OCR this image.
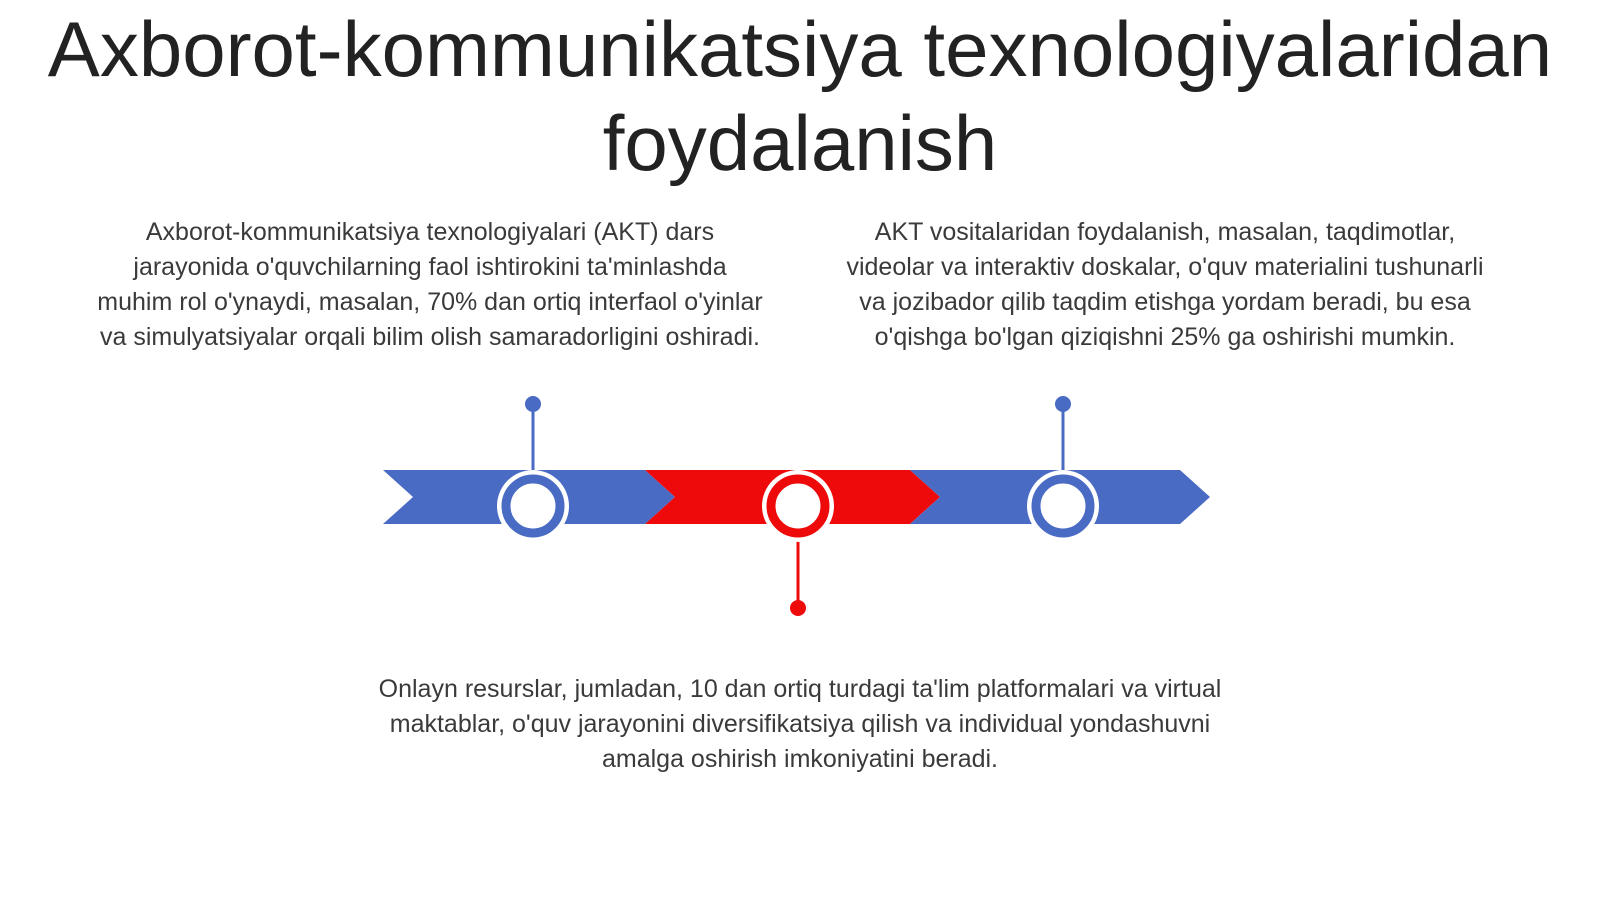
Axborot-kommunikatsiya texnologiyalaridan foydalanish
Axborot-kommunikatsiya texnologiyalari (AKT) dars jarayonida o'quvchilarning faol ishtirokini ta'minlashda muhim rol o'ynaydi, masalan, 70% dan ortiq interfaol o'yinlar va simulyatsiyalar orqali bilim olish samaradorligini oshiradi.
AKT vositalaridan foydalanish, masalan, taqdimotlar, videolar va interaktiv doskalar, o'quv materialini tushunarli va jozibador qilib taqdim etishga yordam beradi, bu esa o'qishga bo'lgan qiziqishni 25% ga oshirishi mumkin.
Onlayn resurslar, jumladan, 10 dan ortiq turdagi ta'lim platformalari va virtual maktablar, o'quv jarayonini diversifikatsiya qilish va individual yondashuvni amalga oshirish imkoniyatini beradi.
